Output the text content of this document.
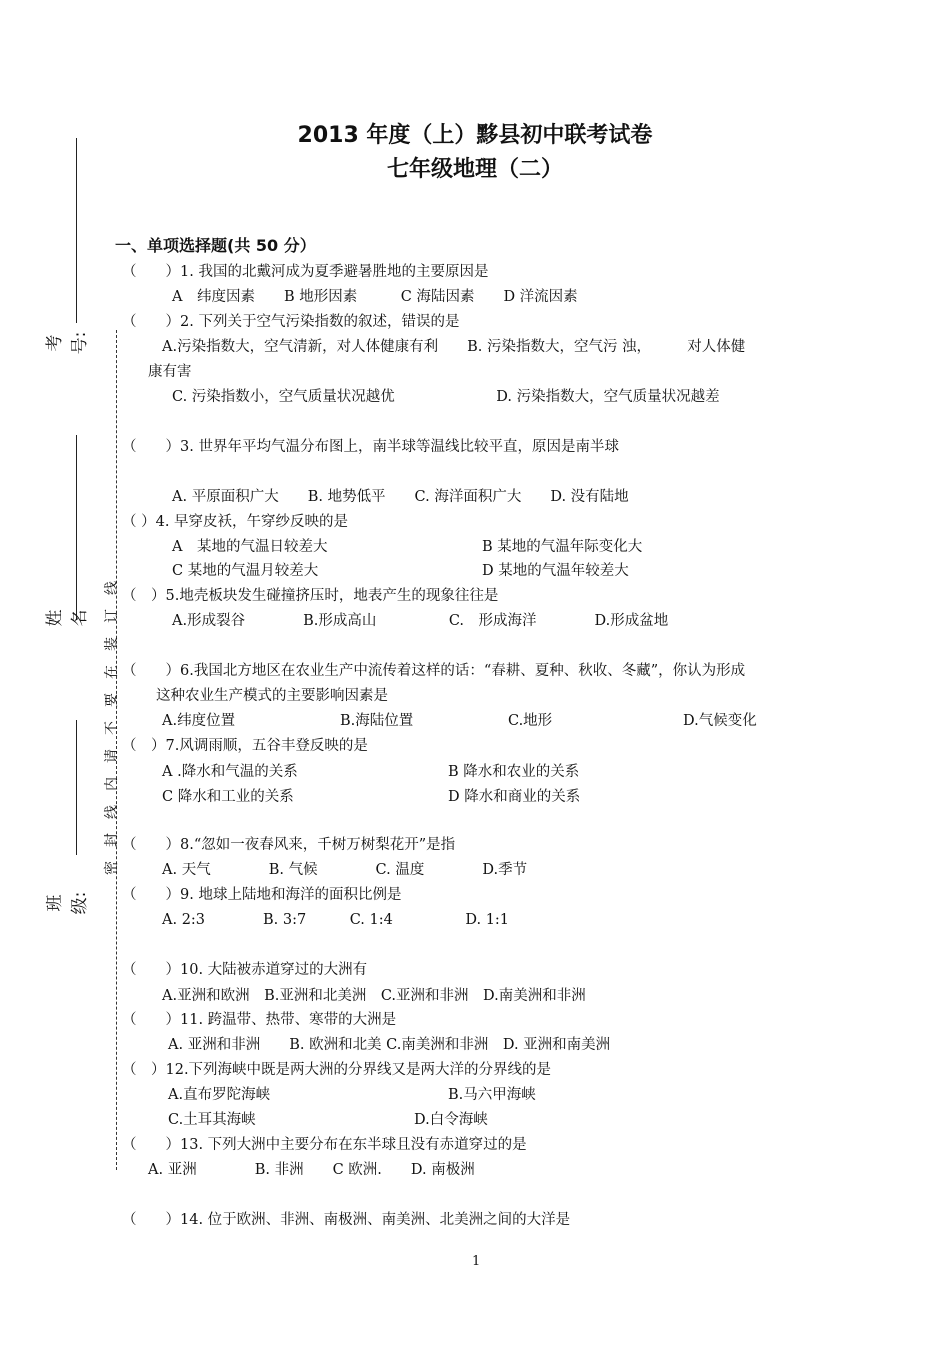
2013 年度（上）黟县初中联考试卷
七年级地理（二）
考号:
姓名
班级:
线
订
装
在
要
不
请
内
线
封
密
一、单项选择题(共 50 分）
（　　）1. 我国的北戴河成为夏季避暑胜地的主要原因是
A　纬度因素　　B 地形因素　　　C 海陆因素　　D 洋流因素
（　　）2. 下列关于空气污染指数的叙述，错误的是
A.污染指数大，空气清新，对人体健康有利　　B. 污染指数大，空气污 浊，　　　对人体健
康有害
C. 污染指数小，空气质量状况越优　　　　　　　D. 污染指数大，空气质量状况越差
（　　）3. 世界年平均气温分布图上，南半球等温线比较平直，原因是南半球
A. 平原面积广大　　B. 地势低平　　C. 海洋面积广大　　D. 没有陆地
（ ）4. 早穿皮袄，午穿纱反映的是
A　某地的气温日较差大	B 某地的气温年际变化大
C 某地的气温月较差大	D 某地的气温年较差大
（　）5.地壳板块发生碰撞挤压时，地表产生的现象往往是
A.形成裂谷　　　　B.形成高山　　　　　C.　形成海洋　　　　D.形成盆地
（　　）6.我国北方地区在农业生产中流传着这样的话：“春耕、夏种、秋收、冬藏”，你认为形成
这种农业生产模式的主要影响因素是
A.纬度位置	B.海陆位置	C.地形	D.气候变化
（　）7.风调雨顺，五谷丰登反映的是
A .降水和气温的关系	B 降水和农业的关系
C 降水和工业的关系	D 降水和商业的关系
（　　）8.“忽如一夜春风来，千树万树梨花开”是指
A. 天气　　　　B. 气候　　　　C. 温度　　　　D.季节
（　　）9. 地球上陆地和海洋的面积比例是
A. 2:3　　　　B. 3:7　　　C. 1:4　　　　　D. 1:1
（　　）10. 大陆被赤道穿过的大洲有
A.亚洲和欧洲　B.亚洲和北美洲　C.亚洲和非洲　D.南美洲和非洲
（　　）11. 跨温带、热带、寒带的大洲是
A. 亚洲和非洲　　B. 欧洲和北美 C.南美洲和非洲　D. 亚洲和南美洲
（　）12.下列海峡中既是两大洲的分界线又是两大洋的分界线的是
A.直布罗陀海峡	B.马六甲海峡
C.土耳其海峡	D.白令海峡
（　　）13. 下列大洲中主要分布在东半球且没有赤道穿过的是
A. 亚洲　　　　B. 非洲　　C 欧洲.　　D. 南极洲
（　　）14. 位于欧洲、非洲、南极洲、南美洲、北美洲之间的大洋是
1
